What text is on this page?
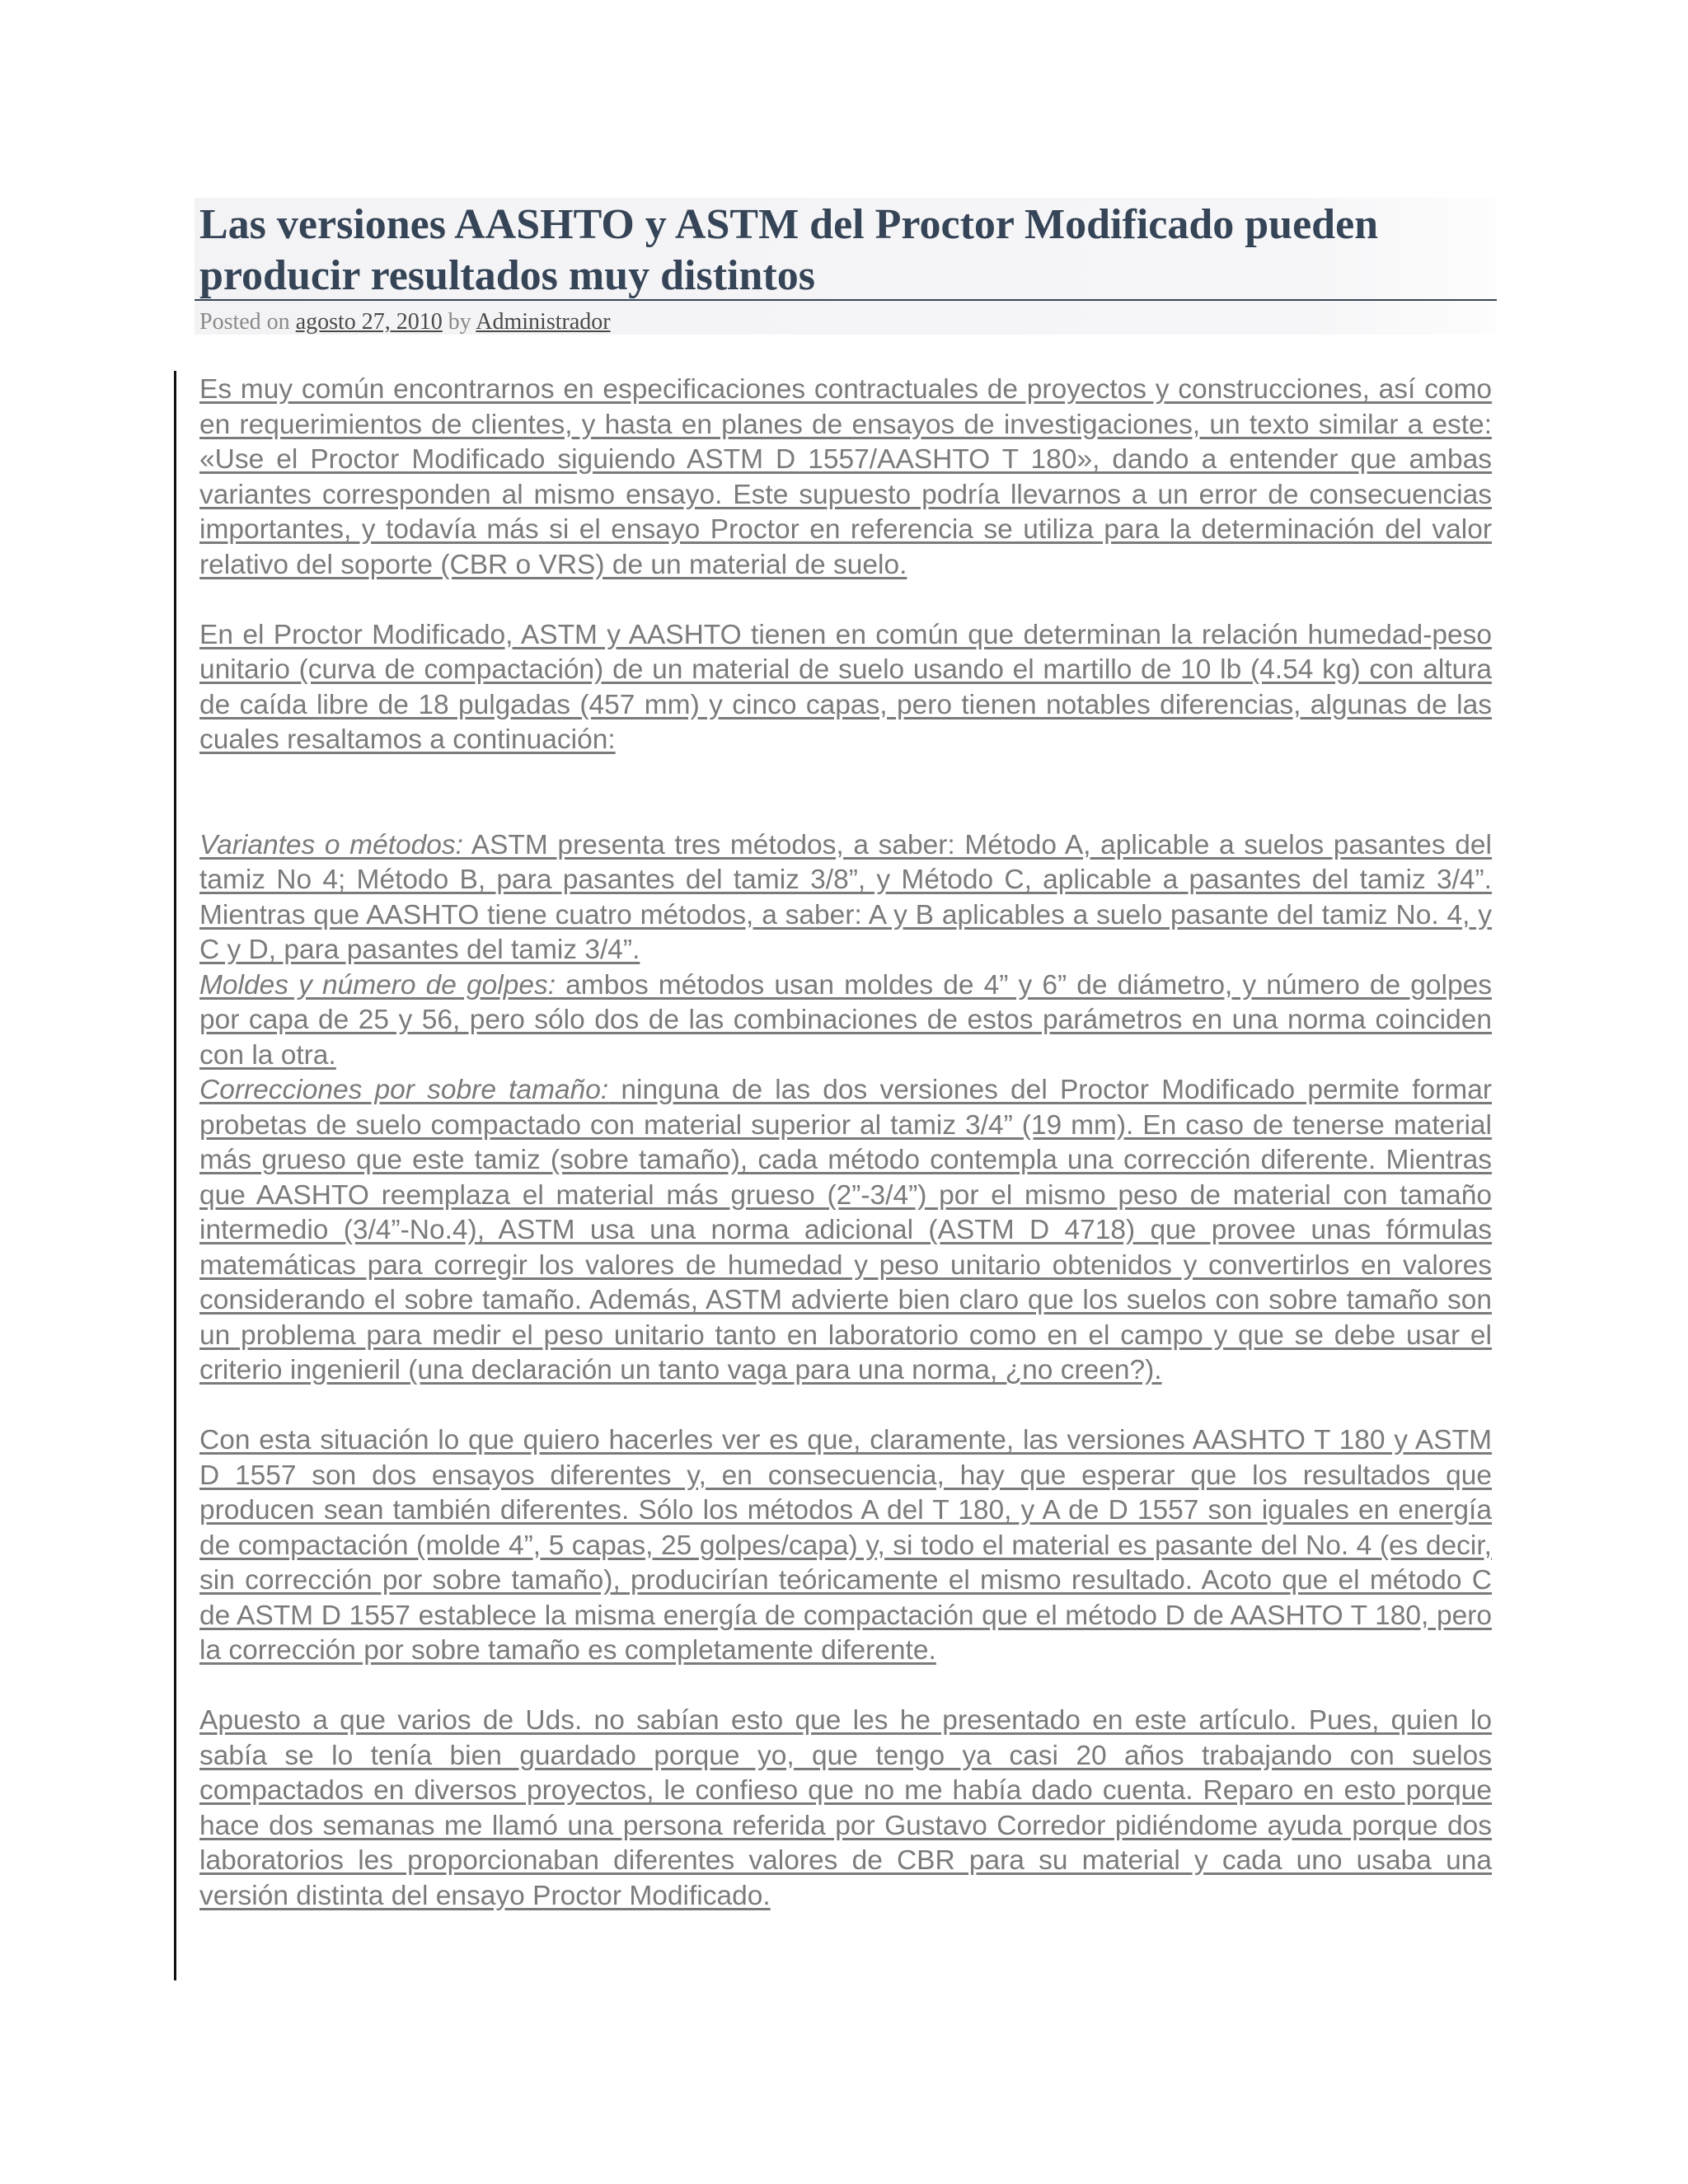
Las versiones AASHTO y ASTM del Proctor Modificado pueden producir resultados muy distintos
Posted on agosto 27, 2010 by Administrador

Es muy común encontrarnos en especificaciones contractuales de proyectos y construcciones, así como en requerimientos de clientes, y hasta en planes de ensayos de investigaciones, un texto similar a este: «Use el Proctor Modificado siguiendo ASTM D 1557/AASHTO T 180», dando a entender que ambas variantes corresponden al mismo ensayo. Este supuesto podría llevarnos a un error de consecuencias importantes, y todavía más si el ensayo Proctor en referencia se utiliza para la determinación del valor relativo del soporte (CBR o VRS) de un material de suelo.

En el Proctor Modificado, ASTM y AASHTO tienen en común que determinan la relación humedad-peso unitario (curva de compactación) de un material de suelo usando el martillo de 10 lb (4.54 kg) con altura de caída libre de 18 pulgadas (457 mm) y cinco capas, pero tienen notables diferencias, algunas de las cuales resaltamos a continuación:

Variantes o métodos: ASTM presenta tres métodos, a saber: Método A, aplicable a suelos pasantes del tamiz No 4; Método B, para pasantes del tamiz 3/8”, y Método C, aplicable a pasantes del tamiz 3/4”. Mientras que AASHTO tiene cuatro métodos, a saber: A y B aplicables a suelo pasante del tamiz No. 4, y C y D, para pasantes del tamiz 3/4”.

Moldes y número de golpes: ambos métodos usan moldes de 4” y 6” de diámetro, y número de golpes por capa de 25 y 56, pero sólo dos de las combinaciones de estos parámetros en una norma coinciden con la otra.

Correcciones por sobre tamaño: ninguna de las dos versiones del Proctor Modificado permite formar probetas de suelo compactado con material superior al tamiz 3/4” (19 mm). En caso de tenerse material más grueso que este tamiz (sobre tamaño), cada método contempla una corrección diferente. Mientras que AASHTO reemplaza el material más grueso (2”-3/4”) por el mismo peso de material con tamaño intermedio (3/4”-No.4), ASTM usa una norma adicional (ASTM D 4718) que provee unas fórmulas matemáticas para corregir los valores de humedad y peso unitario obtenidos y convertirlos en valores considerando el sobre tamaño. Además, ASTM advierte bien claro que los suelos con sobre tamaño son un problema para medir el peso unitario tanto en laboratorio como en el campo y que se debe usar el criterio ingenieril (una declaración un tanto vaga para una norma, ¿no creen?).

Con esta situación lo que quiero hacerles ver es que, claramente, las versiones AASHTO T 180 y ASTM D 1557 son dos ensayos diferentes y, en consecuencia, hay que esperar que los resultados que producen sean también diferentes. Sólo los métodos A del T 180, y A de D 1557 son iguales en energía de compactación (molde 4”, 5 capas, 25 golpes/capa) y, si todo el material es pasante del No. 4 (es decir, sin corrección por sobre tamaño), producirían teóricamente el mismo resultado. Acoto que el método C de ASTM D 1557 establece la misma energía de compactación que el método D de AASHTO T 180, pero la corrección por sobre tamaño es completamente diferente.

Apuesto a que varios de Uds. no sabían esto que les he presentado en este artículo. Pues, quien lo sabía se lo tenía bien guardado porque yo, que tengo ya casi 20 años trabajando con suelos compactados en diversos proyectos, le confieso que no me había dado cuenta. Reparo en esto porque hace dos semanas me llamó una persona referida por Gustavo Corredor pidiéndome ayuda porque dos laboratorios les proporcionaban diferentes valores de CBR para su material y cada uno usaba una versión distinta del ensayo Proctor Modificado.
